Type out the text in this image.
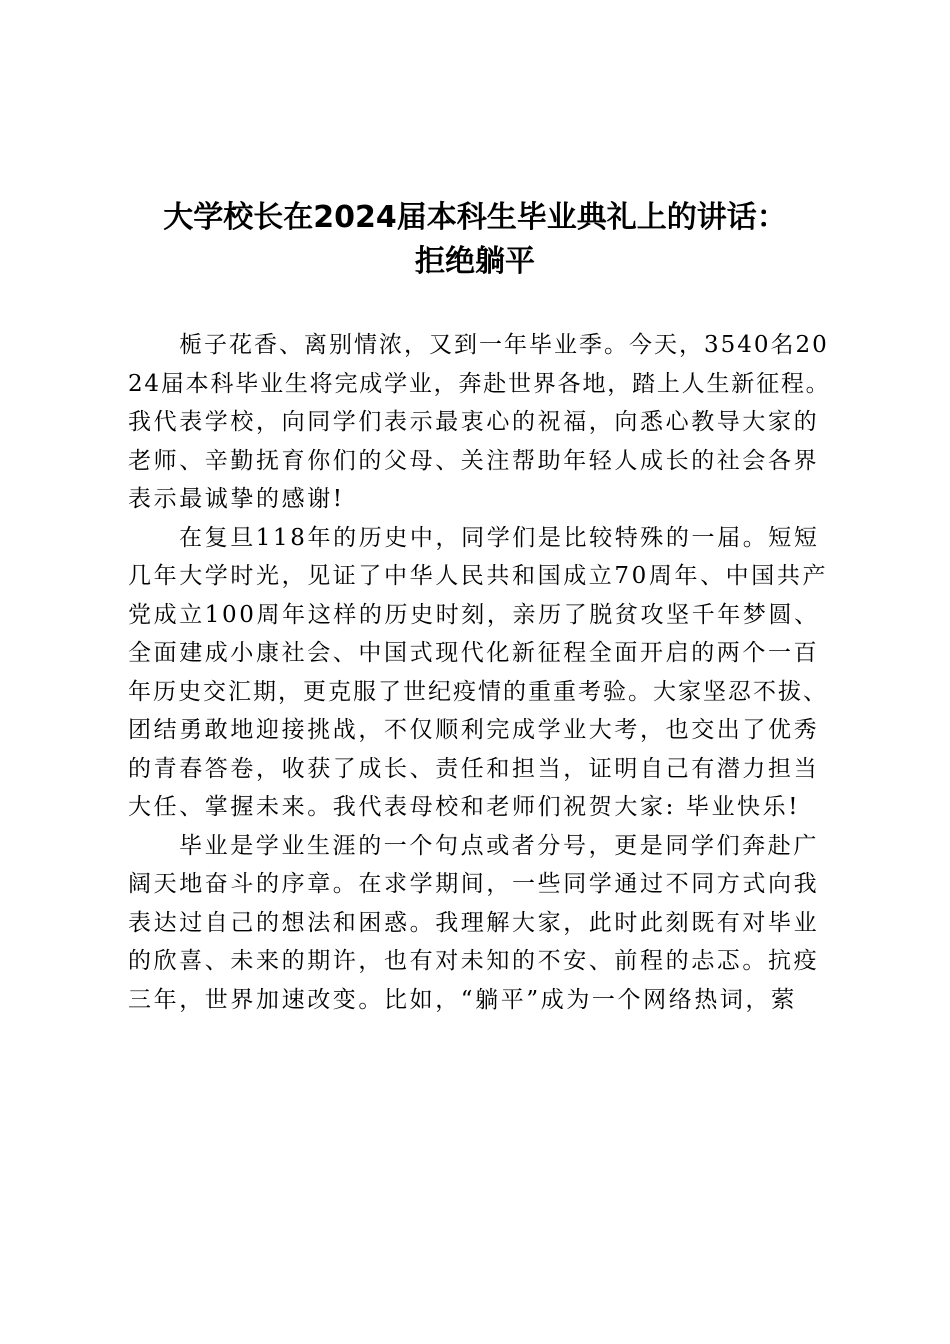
大学校长在2024届本科生毕业典礼上的讲话：
拒绝躺平

栀子花香、离别情浓，又到一年毕业季。今天，3540名20

24届本科毕业生将完成学业，奔赴世界各地，踏上人生新征程。

我代表学校，向同学们表示最衷心的祝福，向悉心教导大家的

老师、辛勤抚育你们的父母、关注帮助年轻人成长的社会各界

表示最诚挚的感谢!

在复旦118年的历史中，同学们是比较特殊的一届。短短

几年大学时光，见证了中华人民共和国成立70周年、中国共产

党成立100周年这样的历史时刻，亲历了脱贫攻坚千年梦圆、

全面建成小康社会、中国式现代化新征程全面开启的两个一百

年历史交汇期，更克服了世纪疫情的重重考验。大家坚忍不拔、

团结勇敢地迎接挑战，不仅顺利完成学业大考，也交出了优秀

的青春答卷，收获了成长、责任和担当，证明自己有潜力担当

大任、掌握未来。我代表母校和老师们祝贺大家: 毕业快乐!

毕业是学业生涯的一个句点或者分号，更是同学们奔赴广

阔天地奋斗的序章。在求学期间，一些同学通过不同方式向我

表达过自己的想法和困惑。我理解大家，此时此刻既有对毕业

的欣喜、未来的期许，也有对未知的不安、前程的忐忑。抗疫

三年，世界加速改变。比如，“躺平”成为一个网络热词，萦
